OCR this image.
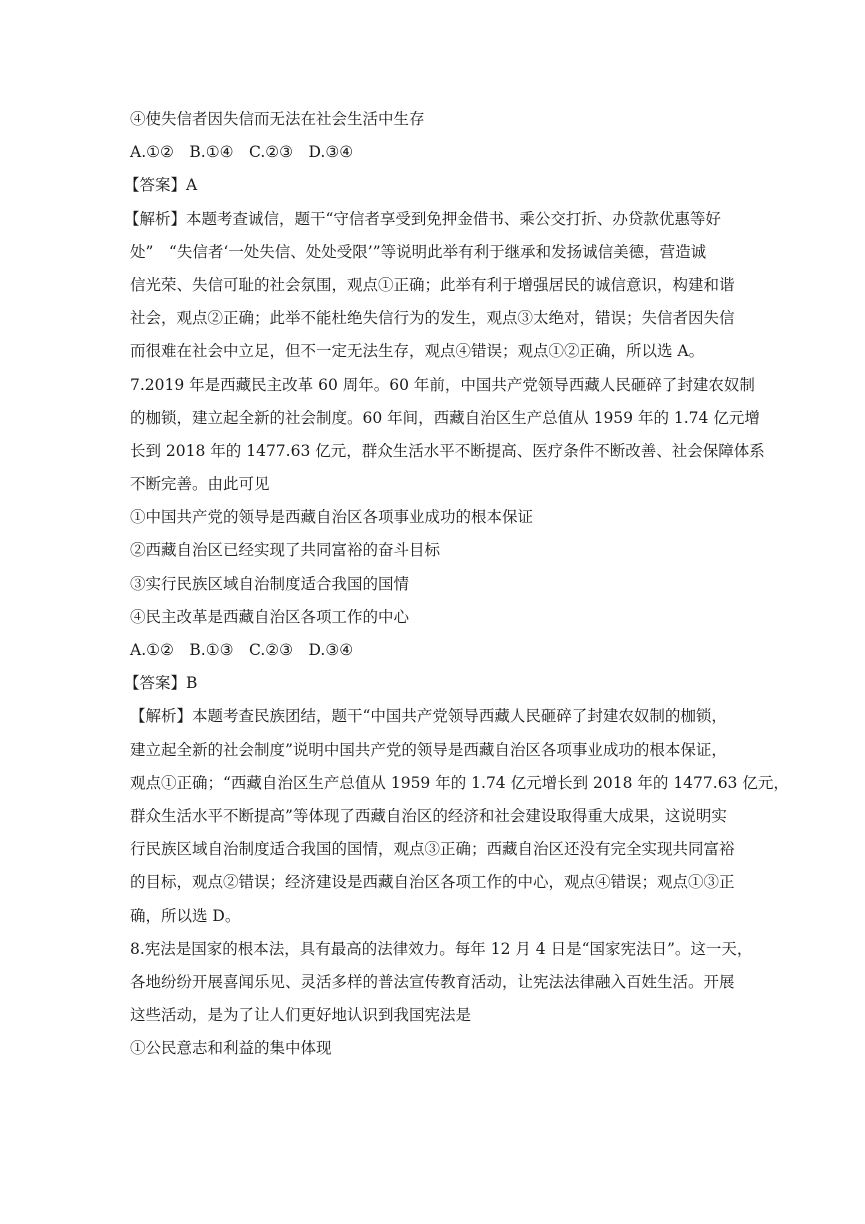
④使失信者因失信而无法在社会生活中生存
A.①②　B.①④　C.②③　D.③④
【答案】A
【解析】本题考查诚信，题干“守信者享受到免押金借书、乘公交打折、办贷款优惠等好
处”　“失信者‘一处失信、处处受限’”等说明此举有利于继承和发扬诚信美德，营造诚
信光荣、失信可耻的社会氛围，观点①正确；此举有利于增强居民的诚信意识，构建和谐
社会，观点②正确；此举不能杜绝失信行为的发生，观点③太绝对，错误；失信者因失信
而很难在社会中立足，但不一定无法生存，观点④错误；观点①②正确，所以选 A。
7.2019 年是西藏民主改革 60 周年。60 年前，中国共产党领导西藏人民砸碎了封建农奴制
的枷锁，建立起全新的社会制度。60 年间，西藏自治区生产总值从 1959 年的 1.74 亿元增
长到 2018 年的 1477.63 亿元，群众生活水平不断提高、医疗条件不断改善、社会保障体系
不断完善。由此可见
①中国共产党的领导是西藏自治区各项事业成功的根本保证
②西藏自治区已经实现了共同富裕的奋斗目标
③实行民族区域自治制度适合我国的国情
④民主改革是西藏自治区各项工作的中心
A.①②　B.①③　C.②③　D.③④
【答案】B
【解析】本题考查民族团结，题干“中国共产党领导西藏人民砸碎了封建农奴制的枷锁，
建立起全新的社会制度”说明中国共产党的领导是西藏自治区各项事业成功的根本保证，
观点①正确；“西藏自治区生产总值从 1959 年的 1.74 亿元增长到 2018 年的 1477.63 亿元，
群众生活水平不断提高”等体现了西藏自治区的经济和社会建设取得重大成果，这说明实
行民族区域自治制度适合我国的国情，观点③正确；西藏自治区还没有完全实现共同富裕
的目标，观点②错误；经济建设是西藏自治区各项工作的中心，观点④错误；观点①③正
确，所以选 D。
8.宪法是国家的根本法，具有最高的法律效力。每年 12 月 4 日是“国家宪法日”。这一天，
各地纷纷开展喜闻乐见、灵活多样的普法宣传教育活动，让宪法法律融入百姓生活。开展
这些活动，是为了让人们更好地认识到我国宪法是
①公民意志和利益的集中体现
